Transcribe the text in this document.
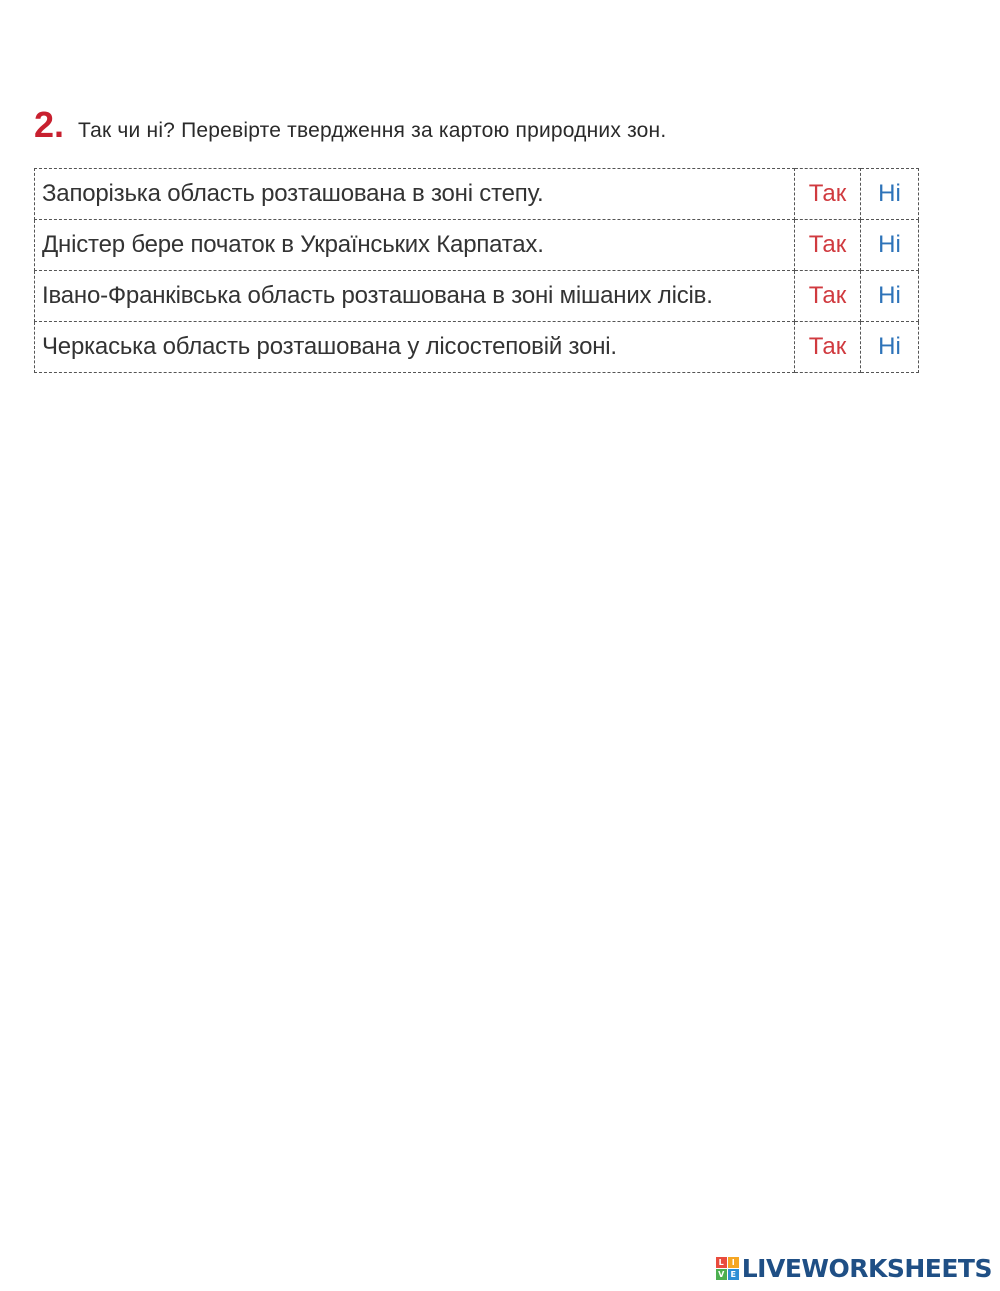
2. Так чи ні? Перевірте твердження за картою природних зон.
Запорізька область розташована в зоні степу.	Так	Ні
Дністер бере початок в Українських Карпатах.	Так	Ні
Івано-Франківська область розташована в зоні мішаних лісів.	Так	Ні
Черкаська область розташована у лісостеповій зоні.	Так	Ні
L I
V E LIVEWORKSHEETS
